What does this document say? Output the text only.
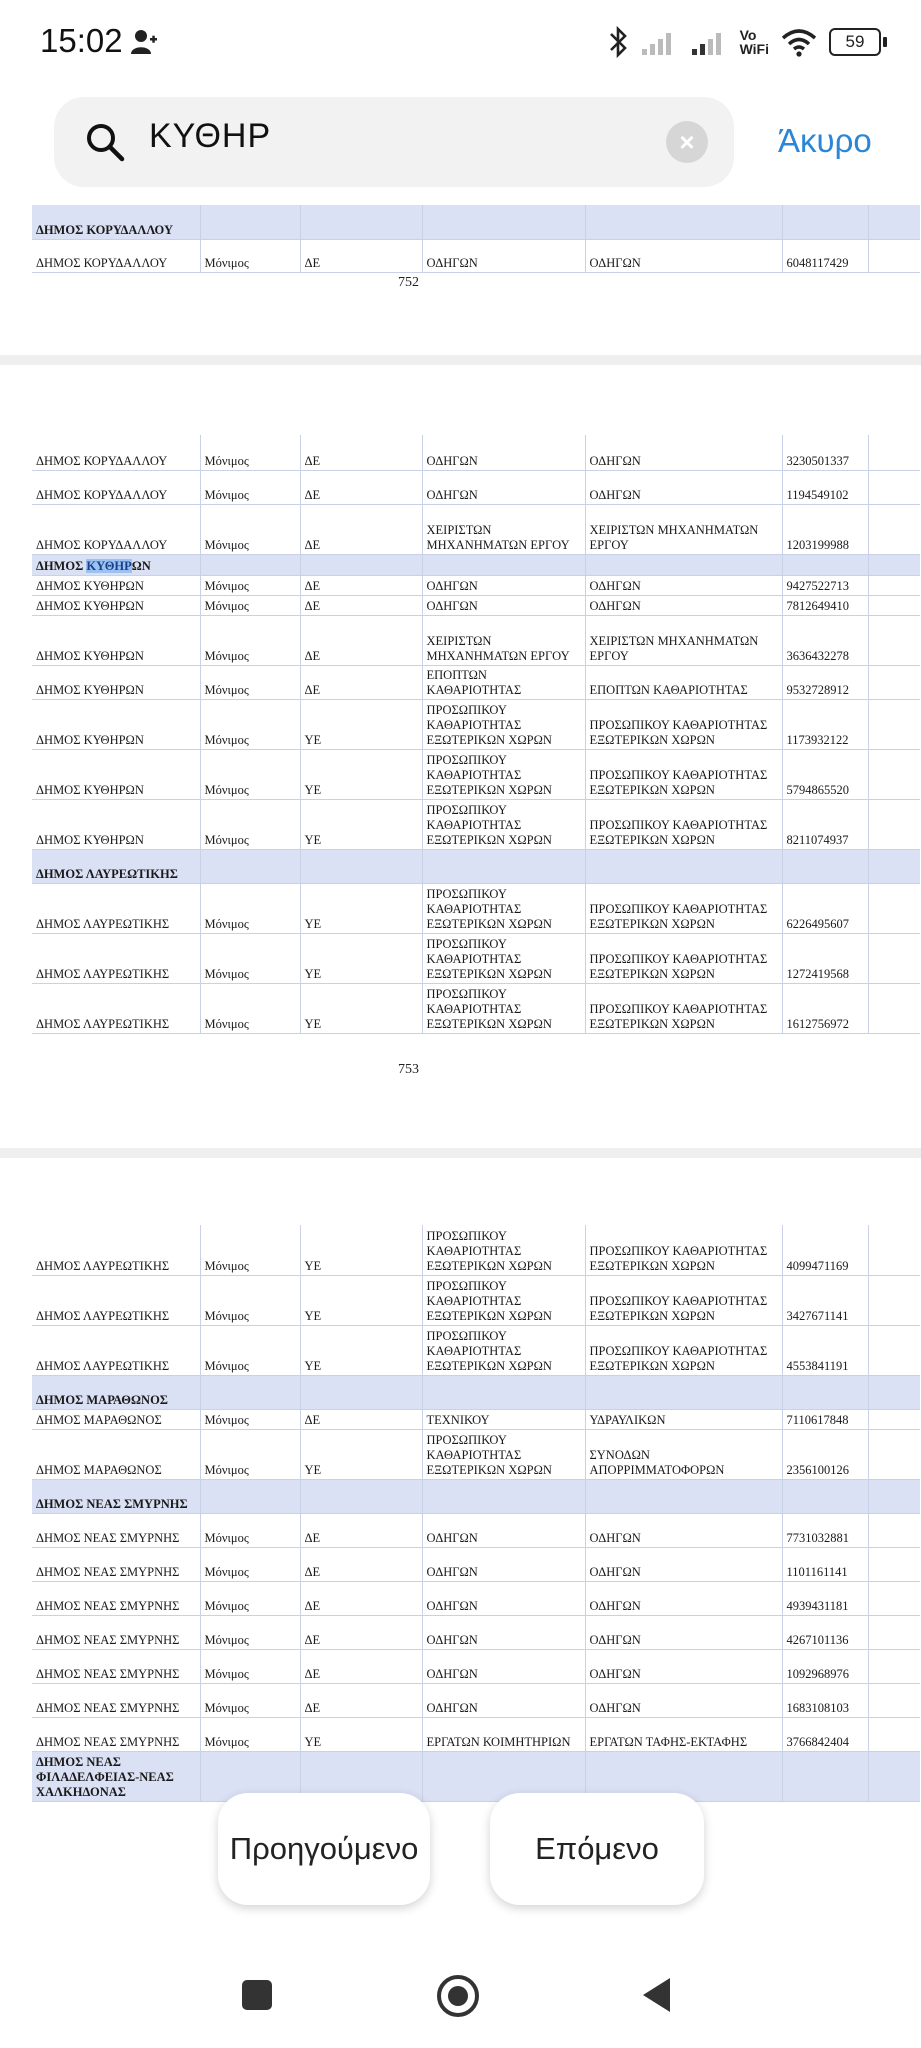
15:02	Vo
WiFi	59
ΚΥΘΗΡ	×	Άκυρο
ΔΗΜΟΣ ΚΟΡΥΔΑΛΛΟΥ						
ΔΗΜΟΣ ΚΟΡΥΔΑΛΛΟΥ	Μόνιμος	ΔΕ	ΟΔΗΓΩΝ	ΟΔΗΓΩΝ	6048117429	
752
ΔΗΜΟΣ ΚΟΡΥΔΑΛΛΟΥ	Μόνιμος	ΔΕ	ΟΔΗΓΩΝ	ΟΔΗΓΩΝ	3230501337	
ΔΗΜΟΣ ΚΟΡΥΔΑΛΛΟΥ	Μόνιμος	ΔΕ	ΟΔΗΓΩΝ	ΟΔΗΓΩΝ	1194549102	
ΔΗΜΟΣ ΚΟΡΥΔΑΛΛΟΥ	Μόνιμος	ΔΕ	ΧΕΙΡΙΣΤΩΝ ΜΗΧΑΝΗΜΑΤΩΝ ΕΡΓΟΥ	ΧΕΙΡΙΣΤΩΝ ΜΗΧΑΝΗΜΑΤΩΝ ΕΡΓΟΥ	1203199988	
ΔΗΜΟΣ ΚΥΘΗΡΩΝ						
ΔΗΜΟΣ ΚΥΘΗΡΩΝ	Μόνιμος	ΔΕ	ΟΔΗΓΩΝ	ΟΔΗΓΩΝ	9427522713	
ΔΗΜΟΣ ΚΥΘΗΡΩΝ	Μόνιμος	ΔΕ	ΟΔΗΓΩΝ	ΟΔΗΓΩΝ	7812649410	
ΔΗΜΟΣ ΚΥΘΗΡΩΝ	Μόνιμος	ΔΕ	ΧΕΙΡΙΣΤΩΝ ΜΗΧΑΝΗΜΑΤΩΝ ΕΡΓΟΥ	ΧΕΙΡΙΣΤΩΝ ΜΗΧΑΝΗΜΑΤΩΝ ΕΡΓΟΥ	3636432278	
ΔΗΜΟΣ ΚΥΘΗΡΩΝ	Μόνιμος	ΔΕ	ΕΠΟΠΤΩΝ ΚΑΘΑΡΙΟΤΗΤΑΣ	ΕΠΟΠΤΩΝ ΚΑΘΑΡΙΟΤΗΤΑΣ	9532728912	
ΔΗΜΟΣ ΚΥΘΗΡΩΝ	Μόνιμος	ΥΕ	ΠΡΟΣΩΠΙΚΟΥ ΚΑΘΑΡΙΟΤΗΤΑΣ ΕΞΩΤΕΡΙΚΩΝ ΧΩΡΩΝ	ΠΡΟΣΩΠΙΚΟΥ ΚΑΘΑΡΙΟΤΗΤΑΣ ΕΞΩΤΕΡΙΚΩΝ ΧΩΡΩΝ	1173932122	
ΔΗΜΟΣ ΚΥΘΗΡΩΝ	Μόνιμος	ΥΕ	ΠΡΟΣΩΠΙΚΟΥ ΚΑΘΑΡΙΟΤΗΤΑΣ ΕΞΩΤΕΡΙΚΩΝ ΧΩΡΩΝ	ΠΡΟΣΩΠΙΚΟΥ ΚΑΘΑΡΙΟΤΗΤΑΣ ΕΞΩΤΕΡΙΚΩΝ ΧΩΡΩΝ	5794865520	
ΔΗΜΟΣ ΚΥΘΗΡΩΝ	Μόνιμος	ΥΕ	ΠΡΟΣΩΠΙΚΟΥ ΚΑΘΑΡΙΟΤΗΤΑΣ ΕΞΩΤΕΡΙΚΩΝ ΧΩΡΩΝ	ΠΡΟΣΩΠΙΚΟΥ ΚΑΘΑΡΙΟΤΗΤΑΣ ΕΞΩΤΕΡΙΚΩΝ ΧΩΡΩΝ	8211074937	
ΔΗΜΟΣ ΛΑΥΡΕΩΤΙΚΗΣ						
ΔΗΜΟΣ ΛΑΥΡΕΩΤΙΚΗΣ	Μόνιμος	ΥΕ	ΠΡΟΣΩΠΙΚΟΥ ΚΑΘΑΡΙΟΤΗΤΑΣ ΕΞΩΤΕΡΙΚΩΝ ΧΩΡΩΝ	ΠΡΟΣΩΠΙΚΟΥ ΚΑΘΑΡΙΟΤΗΤΑΣ ΕΞΩΤΕΡΙΚΩΝ ΧΩΡΩΝ	6226495607	
ΔΗΜΟΣ ΛΑΥΡΕΩΤΙΚΗΣ	Μόνιμος	ΥΕ	ΠΡΟΣΩΠΙΚΟΥ ΚΑΘΑΡΙΟΤΗΤΑΣ ΕΞΩΤΕΡΙΚΩΝ ΧΩΡΩΝ	ΠΡΟΣΩΠΙΚΟΥ ΚΑΘΑΡΙΟΤΗΤΑΣ ΕΞΩΤΕΡΙΚΩΝ ΧΩΡΩΝ	1272419568	
ΔΗΜΟΣ ΛΑΥΡΕΩΤΙΚΗΣ	Μόνιμος	ΥΕ	ΠΡΟΣΩΠΙΚΟΥ ΚΑΘΑΡΙΟΤΗΤΑΣ ΕΞΩΤΕΡΙΚΩΝ ΧΩΡΩΝ	ΠΡΟΣΩΠΙΚΟΥ ΚΑΘΑΡΙΟΤΗΤΑΣ ΕΞΩΤΕΡΙΚΩΝ ΧΩΡΩΝ	1612756972	
753
ΔΗΜΟΣ ΛΑΥΡΕΩΤΙΚΗΣ	Μόνιμος	ΥΕ	ΠΡΟΣΩΠΙΚΟΥ ΚΑΘΑΡΙΟΤΗΤΑΣ ΕΞΩΤΕΡΙΚΩΝ ΧΩΡΩΝ	ΠΡΟΣΩΠΙΚΟΥ ΚΑΘΑΡΙΟΤΗΤΑΣ ΕΞΩΤΕΡΙΚΩΝ ΧΩΡΩΝ	4099471169	
ΔΗΜΟΣ ΛΑΥΡΕΩΤΙΚΗΣ	Μόνιμος	ΥΕ	ΠΡΟΣΩΠΙΚΟΥ ΚΑΘΑΡΙΟΤΗΤΑΣ ΕΞΩΤΕΡΙΚΩΝ ΧΩΡΩΝ	ΠΡΟΣΩΠΙΚΟΥ ΚΑΘΑΡΙΟΤΗΤΑΣ ΕΞΩΤΕΡΙΚΩΝ ΧΩΡΩΝ	3427671141	
ΔΗΜΟΣ ΛΑΥΡΕΩΤΙΚΗΣ	Μόνιμος	ΥΕ	ΠΡΟΣΩΠΙΚΟΥ ΚΑΘΑΡΙΟΤΗΤΑΣ ΕΞΩΤΕΡΙΚΩΝ ΧΩΡΩΝ	ΠΡΟΣΩΠΙΚΟΥ ΚΑΘΑΡΙΟΤΗΤΑΣ ΕΞΩΤΕΡΙΚΩΝ ΧΩΡΩΝ	4553841191	
ΔΗΜΟΣ ΜΑΡΑΘΩΝΟΣ						
ΔΗΜΟΣ ΜΑΡΑΘΩΝΟΣ	Μόνιμος	ΔΕ	ΤΕΧΝΙΚΟΥ	ΥΔΡΑΥΛΙΚΩΝ	7110617848	
ΔΗΜΟΣ ΜΑΡΑΘΩΝΟΣ	Μόνιμος	ΥΕ	ΠΡΟΣΩΠΙΚΟΥ ΚΑΘΑΡΙΟΤΗΤΑΣ ΕΞΩΤΕΡΙΚΩΝ ΧΩΡΩΝ	ΣΥΝΟΔΩΝ ΑΠΟΡΡΙΜΜΑΤΟΦΟΡΩΝ	2356100126	
ΔΗΜΟΣ ΝΕΑΣ ΣΜΥΡΝΗΣ						
ΔΗΜΟΣ ΝΕΑΣ ΣΜΥΡΝΗΣ	Μόνιμος	ΔΕ	ΟΔΗΓΩΝ	ΟΔΗΓΩΝ	7731032881	
ΔΗΜΟΣ ΝΕΑΣ ΣΜΥΡΝΗΣ	Μόνιμος	ΔΕ	ΟΔΗΓΩΝ	ΟΔΗΓΩΝ	1101161141	
ΔΗΜΟΣ ΝΕΑΣ ΣΜΥΡΝΗΣ	Μόνιμος	ΔΕ	ΟΔΗΓΩΝ	ΟΔΗΓΩΝ	4939431181	
ΔΗΜΟΣ ΝΕΑΣ ΣΜΥΡΝΗΣ	Μόνιμος	ΔΕ	ΟΔΗΓΩΝ	ΟΔΗΓΩΝ	4267101136	
ΔΗΜΟΣ ΝΕΑΣ ΣΜΥΡΝΗΣ	Μόνιμος	ΔΕ	ΟΔΗΓΩΝ	ΟΔΗΓΩΝ	1092968976	
ΔΗΜΟΣ ΝΕΑΣ ΣΜΥΡΝΗΣ	Μόνιμος	ΔΕ	ΟΔΗΓΩΝ	ΟΔΗΓΩΝ	1683108103	
ΔΗΜΟΣ ΝΕΑΣ ΣΜΥΡΝΗΣ	Μόνιμος	ΥΕ	ΕΡΓΑΤΩΝ ΚΟΙΜΗΤΗΡΙΩΝ	ΕΡΓΑΤΩΝ ΤΑΦΗΣ-ΕΚΤΑΦΗΣ	3766842404	
ΔΗΜΟΣ ΝΕΑΣ ΦΙΛΑΔΕΛΦΕΙΑΣ-ΝΕΑΣ ΧΑΛΚΗΔΟΝΑΣ						
Προηγούμενο	Επόμενο
